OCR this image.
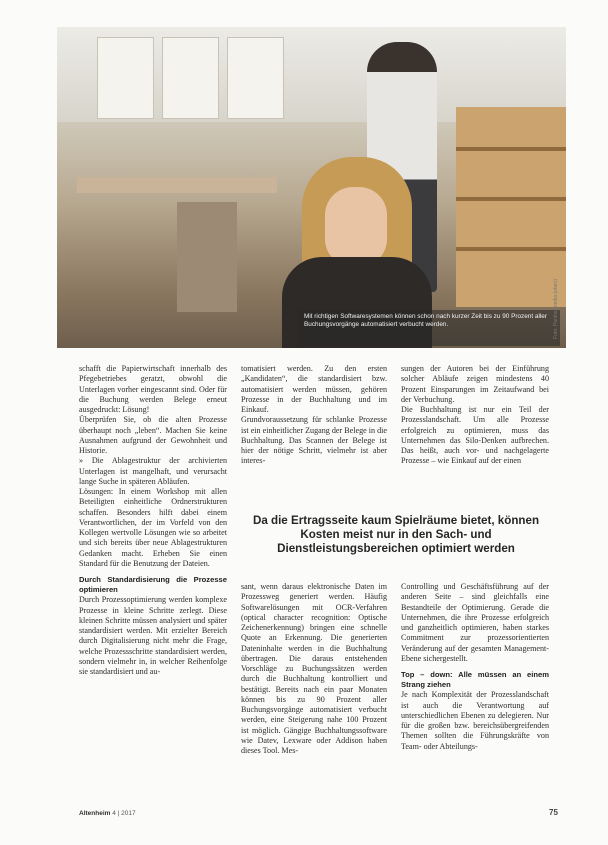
Mit richtigen Softwaresystemen können schon nach kurzer Zeit bis zu 90 Prozent aller Buchungsvorgänge automatisiert verbucht werden.	Foto: Panthermedia (oben)

schafft die Papierwirtschaft innerhalb des Pfegebetriebes geratzt, obwohl die Unterlagen vorher eingescannt sind. Oder für die Buchung werden Belege erneut ausgedruckt: Lösung!

Überprüfen Sie, ob die alten Prozesse überhaupt noch „leben“. Machen Sie keine Ausnahmen aufgrund der Gewohnheit und Historie.

» Die Ablagestruktur der archivierten Unterlagen ist mangelhaft, und verursacht lange Suche in späteren Abläufen.

Lösungen: In einem Workshop mit allen Beteiligten einheitliche Ordnerstrukturen schaffen. Besonders hilft dabei einem Verantwortlichen, der im Vorfeld von den Kollegen wertvolle Lösungen wie so arbeitet und sich bereits über neue Ablagestrukturen Gedanken macht. Erheben Sie einen Standard für die Benutzung der Dateien.

Durch Standardisierung die Prozesse optimieren

Durch Prozessoptimierung werden komplexe Prozesse in kleine Schritte zerlegt. Diese kleinen Schritte müssen analysiert und später standardisiert werden. Mit erzielter Bereich durch Digitalisierung nicht mehr die Frage, welche Prozessschritte standardisiert werden, sondern vielmehr in, in welcher Reihenfolge sie standardisiert und au-

tomatisiert werden. Zu den ersten „Kandidaten“, die standardisiert bzw. automatisiert werden müssen, gehören Prozesse in der Buchhaltung und im Einkauf.

Grundvoraussetzung für schlanke Prozesse ist ein einheitlicher Zugang der Belege in die Buchhaltung. Das Scannen der Belege ist hier der nötige Schritt, vielmehr ist aber interes-

sungen der Autoren bei der Einführung solcher Abläufe zeigen mindestens 40 Prozent Einsparungen im Zeitaufwand bei der Verbuchung.

Die Buchhaltung ist nur ein Teil der Prozesslandschaft. Um alle Prozesse erfolgreich zu optimieren, muss das Unternehmen das Silo-Denken aufbrechen. Das heißt, auch vor- und nachgelagerte Prozesse – wie Einkauf auf der einen

Da die Ertragsseite kaum Spielräume bietet, können Kosten meist nur in den Sach- und Dienstleistungsbereichen optimiert werden

sant, wenn daraus elektronische Daten im Prozessweg generiert werden. Häufig Softwarelösungen mit OCR-Verfahren (optical character recognition: Optische Zeichenerkennung) bringen eine schnelle Quote an Erkennung. Die generierten Dateninhalte werden in die Buchhaltung übertragen. Die daraus entstehenden Vorschläge zu Buchungssätzen werden durch die Buchhaltung kontrolliert und bestätigt. Bereits nach ein paar Monaten können bis zu 90 Prozent aller Buchungsvorgänge automatisiert verbucht werden, eine Steigerung nahe 100 Prozent ist möglich. Gängige Buchhaltungssoftware wie Datev, Lexware oder Addison haben dieses Tool. Mes-

Controlling und Geschäftsführung auf der anderen Seite – sind gleichfalls eine Bestandteile der Optimierung. Gerade die Unternehmen, die ihre Prozesse erfolgreich und ganzheitlich optimieren, haben starkes Commitment zur prozessorientierten Veränderung auf der gesamten Management-Ebene sichergestellt.

Top – down: Alle müssen an einem Strang ziehen

Je nach Komplexität der Prozesslandschaft ist auch die Verantwortung auf unterschiedlichen Ebenen zu delegieren. Nur für die großen bzw. bereichsübergreifenden Themen sollten die Führungskräfte von Team- oder Abteilungs-

Altenheim 4 | 2017	75
